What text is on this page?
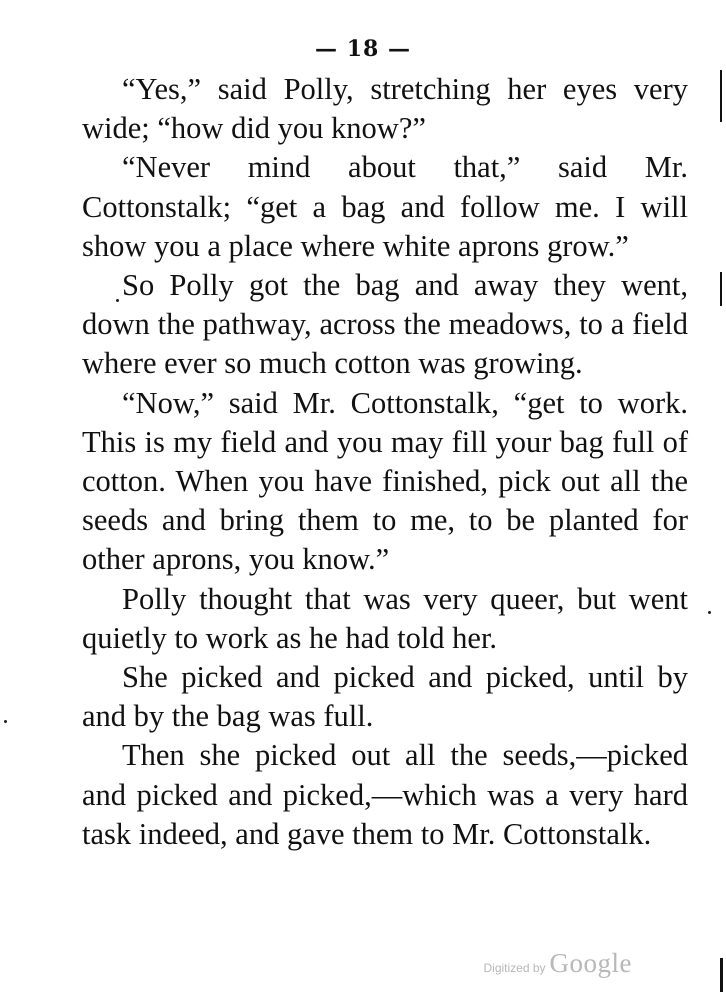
— 18 —

“Yes,” said Polly, stretching her eyes very wide; “how did you know?”

“Never mind about that,” said Mr. Cottonstalk; “get a bag and follow me. I will show you a place where white aprons grow.”

So Polly got the bag and away they went, down the pathway, across the meadows, to a field where ever so much cotton was growing.

“Now,” said Mr. Cottonstalk, “get to work. This is my field and you may fill your bag full of cotton. When you have finished, pick out all the seeds and bring them to me, to be planted for other aprons, you know.”

Polly thought that was very queer, but went quietly to work as he had told her.

She picked and picked and picked, until by and by the bag was full.

Then she picked out all the seeds,—picked and picked and picked,—which was a very hard task indeed, and gave them to Mr. Cottonstalk.

Digitized by Google
